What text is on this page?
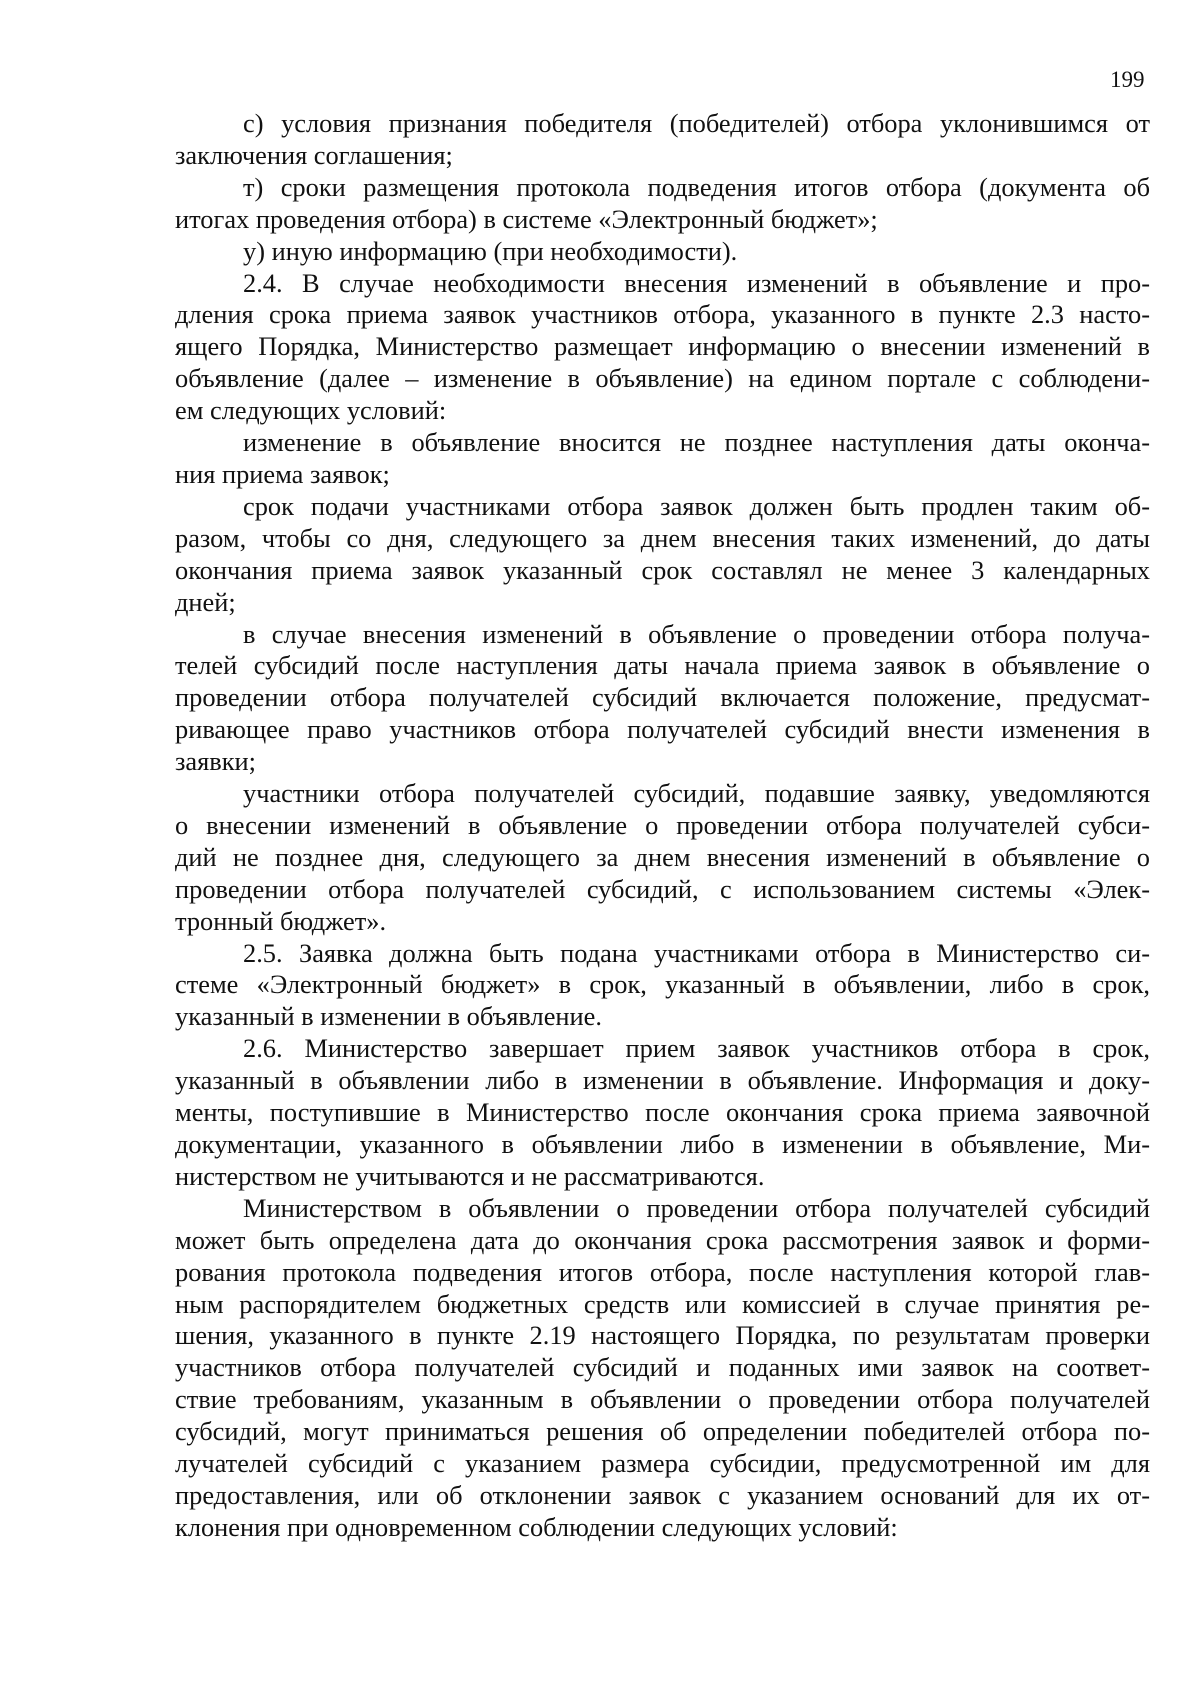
199
с) условия признания победителя (победителей) отбора уклонившимся от
заключения соглашения;
т) сроки размещения протокола подведения итогов отбора (документа об
итогах проведения отбора) в системе «Электронный бюджет»;
у) иную информацию (при необходимости).
2.4. В случае необходимости внесения изменений в объявление и про-
дления срока приема заявок участников отбора, указанного в пункте 2.3 насто-
ящего Порядка, Министерство размещает информацию о внесении изменений в
объявление (далее – изменение в объявление) на едином портале с соблюдени-
ем следующих условий:
изменение в объявление вносится не позднее наступления даты оконча-
ния приема заявок;
срок подачи участниками отбора заявок должен быть продлен таким об-
разом, чтобы со дня, следующего за днем внесения таких изменений, до даты
окончания приема заявок указанный срок составлял не менее 3 календарных
дней;
в случае внесения изменений в объявление о проведении отбора получа-
телей субсидий после наступления даты начала приема заявок в объявление о
проведении отбора получателей субсидий включается положение, предусмат-
ривающее право участников отбора получателей субсидий внести изменения в
заявки;
участники отбора получателей субсидий, подавшие заявку, уведомляются
о внесении изменений в объявление о проведении отбора получателей субси-
дий не позднее дня, следующего за днем внесения изменений в объявление о
проведении отбора получателей субсидий, с использованием системы «Элек-
тронный бюджет».
2.5. Заявка должна быть подана участниками отбора в Министерство си-
стеме «Электронный бюджет» в срок, указанный в объявлении, либо в срок,
указанный в изменении в объявление.
2.6. Министерство завершает прием заявок участников отбора в срок,
указанный в объявлении либо в изменении в объявление. Информация и доку-
менты, поступившие в Министерство после окончания срока приема заявочной
документации, указанного в объявлении либо в изменении в объявление, Ми-
нистерством не учитываются и не рассматриваются.
Министерством в объявлении о проведении отбора получателей субсидий
может быть определена дата до окончания срока рассмотрения заявок и форми-
рования протокола подведения итогов отбора, после наступления которой глав-
ным распорядителем бюджетных средств или комиссией в случае принятия ре-
шения, указанного в пункте 2.19 настоящего Порядка, по результатам проверки
участников отбора получателей субсидий и поданных ими заявок на соответ-
ствие требованиям, указанным в объявлении о проведении отбора получателей
субсидий, могут приниматься решения об определении победителей отбора по-
лучателей субсидий с указанием размера субсидии, предусмотренной им для
предоставления, или об отклонении заявок с указанием оснований для их от-
клонения при одновременном соблюдении следующих условий:
